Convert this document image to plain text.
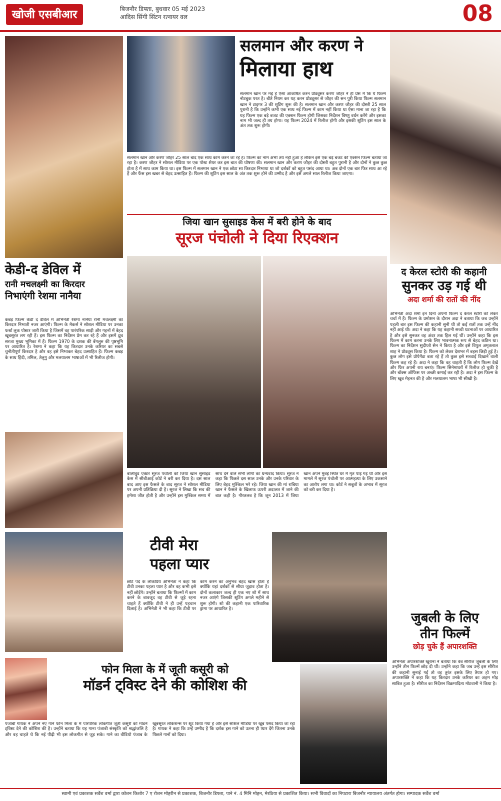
खोजी एसबीआर	बिजनौर डिफ्ता, बुधवार 05 मई 2023
आदिस सिंगी सिंटन रत्नायर वल	08
सलमान और करण ने
मिलाया हाथ
सलमान खान पर मई हैं ऐसा आकर्षित करन प्रोड्यूसर करण जौहर ने ही प्रेस में कि ये फिल्म नोटबुक परत है। बीते नियम कर यह करन प्रोड्यूसर से जौहर की सन पुरी किया फिल्म सलमान खान ने टाइगर 3 की शूटिंग शुरू की है। सलमान खान और करण जौहर की दोस्ती 25 साल पुरानी है कि उन्होंने कभी एक साथ नई फिल्म में काम नहीं किया था ऐसा माना जा रहा है कि यह फिल्म एक बड़े बजट की एक्शन फिल्म होगी जिसका निर्देशन विष्णु वर्धन करेंगे और इसका नाम भी जल्द ही तय होगा। यह फिल्म 2024 में रिलीज होगी और इसकी शूटिंग इस साल के अंत तक शुरू होगी।
सलमान खान और करण जौहर 25 साल बाद एक साथ काम करने जा रहे हैं। फिल्म का नाम अभी तय नहीं हुआ है लेकिन इसे एक बड़े बजट की एक्शन फिल्म बताया जा रहा है। करण जौहर ने सोशल मीडिया पर एक पोस्ट शेयर कर इस बात की घोषणा की। सलमान खान और करण जौहर की दोस्ती बहुत पुरानी है और दोनों ने कुछ कुछ होता है में साथ काम किया था। इस फिल्म में सलमान खान ने एक छोटा सा किरदार निभाया था जो दर्शकों को बहुत पसंद आया था। अब दोनों एक बार फिर साथ आ रहे हैं और फैंस इस खबर से बेहद उत्साहित हैं। फिल्म की शूटिंग इस साल के अंत तक शुरू होने की उम्मीद है और इसे अगले साल रिलीज किया जाएगा।
जिया खान सुसाइड केस में बरी होने के बाद
सूरज पंचोली ने दिया रिएक्शन
केडी-द डेविल में
रानी मचलक्ष्मी का किरदार
निभाएंगी रेशमा नानैया
कन्नड़ फिल्म केडी द डेविल में अभिनेत्री रेशमा नानैया रानी मचलक्ष्मी का किरदार निभाती नजर आएंगी। फिल्म के मेकर्स ने सोशल मीडिया पर उनका फर्स्ट लुक पोस्टर जारी किया है जिसमें वह पारंपरिक साड़ी और गहनों में बेहद खूबसूरत लग रही हैं। इस फिल्म का निर्देशन प्रेम कर रहे हैं और इसमें ध्रुव सरजा मुख्य भूमिका में हैं। फिल्म 1970 के दशक की बेंगलुरु की पृष्ठभूमि पर आधारित है। रेशमा ने कहा कि यह किरदार उनके करियर का सबसे चुनौतीपूर्ण किरदार है और वह इसे निभाकर बेहद उत्साहित हैं। फिल्म कन्नड़ के साथ हिंदी, तमिल, तेलुगु और मलयालम भाषाओं में भी रिलीज होगी।
बॉलीवुड एक्टर सूरज पंचोली को जिया खान सुसाइड केस में सीबीआई कोर्ट ने बरी कर दिया है। दस साल बाद आए इस फैसले के बाद सूरज ने सोशल मीडिया पर अपनी प्रतिक्रिया दी है। सूरज ने लिखा कि सच की हमेशा जीत होती है और उन्होंने इस मुश्किल समय में साथ देने वाले सभी लोगों का धन्यवाद किया। सूरज ने कहा कि पिछले दस साल उनके और उनके परिवार के लिए बेहद मुश्किल भरे रहे। जिया खान की मां राबिया खान ने फैसले के खिलाफ ऊपरी अदालत में जाने की बात कही है। गौरतलब है कि जून 2013 में जिया खान अपने मुंबई स्थित घर में मृत पाई गई थीं और इस मामले में सूरज पंचोली पर आत्महत्या के लिए उकसाने का आरोप लगा था। कोर्ट ने सबूतों के अभाव में सूरज को बरी कर दिया है।
द केरल स्टोरी की कहानी
सुनकर उड़ गई थी
अदा शर्मा की रातों की नींद
अभिनेत्री अदा शर्मा इन दिनों अपनी फिल्म द केरल स्टोरी को लेकर चर्चा में हैं। फिल्म के प्रमोशन के दौरान अदा ने बताया कि जब उन्होंने पहली बार इस फिल्म की कहानी सुनी थी तो कई रातों तक उन्हें नींद नहीं आई थी। अदा ने कहा कि यह कहानी सच्ची घटनाओं पर आधारित है और इसे सुनकर वह अंदर तक हिल गई थीं। उन्होंने कहा कि इस फिल्म में काम करना उनके लिए भावनात्मक रूप से बेहद कठिन था। फिल्म का निर्देशन सुदीप्तो सेन ने किया है और इसे विपुल अमृतलाल शाह ने प्रोड्यूस किया है। फिल्म को लेकर देशभर में बहस छिड़ी हुई है। कुछ लोग इसे प्रोपेगेंडा बता रहे हैं तो कुछ इसे सच्चाई दिखाने वाली फिल्म कह रहे हैं। अदा ने कहा कि वह चाहती हैं कि लोग फिल्म देखें और फिर अपनी राय बनाएं। फिल्म सिनेमाघरों में रिलीज हो चुकी है और बॉक्स ऑफिस पर अच्छी कमाई कर रही है। अदा ने इस फिल्म के लिए खूब मेहनत की है और मलयालम भाषा भी सीखी है।
टीवी मेरा
पहला प्यार
छोटे पर्दे के लोकप्रिय अभिनेता ने कहा कि टीवी उनका पहला प्यार है और वह कभी इसे नहीं छोड़ेंगे। उन्होंने बताया कि फिल्मों में काम करने के बावजूद वह टीवी से जुड़े रहना चाहते हैं क्योंकि टीवी ने ही उन्हें पहचान दिलाई है। अभिनेत्री ने भी कहा कि टीवी पर काम करने का अनुभव बेहद खास होता है क्योंकि यहां दर्शकों से सीधा जुड़ाव होता है। दोनों कलाकार जल्द ही एक नए शो में साथ नजर आएंगे जिसकी शूटिंग अगले महीने से शुरू होगी। शो की कहानी एक पारिवारिक ड्रामा पर आधारित है।
जुबली के लिए
तीन फिल्में
छोड़ चुके हैं अपारशक्ति
अभिनेता अपारशक्ति खुराना ने बताया कि वेब सीरीज जुबली के लिए उन्होंने तीन फिल्में छोड़ दी थीं। उन्होंने कहा कि जब उन्हें इस सीरीज की कहानी सुनाई गई तो वह तुरंत इसके लिए तैयार हो गए। अपारशक्ति ने कहा कि यह किरदार उनके करियर का अहम मोड़ साबित हुआ है। सीरीज का निर्देशन विक्रमादित्य मोटवानी ने किया है।
फोन मिला के में जूती कसूरी को
मॉडर्न ट्विस्ट देने की कोशिश की
पंजाबी गायक ने अपने नए गाने फोन मिला के में पारंपरिक लोकगीत जूती कसूरी को मॉडर्न ट्विस्ट देने की कोशिश की है। उन्होंने बताया कि यह गाना पंजाबी संस्कृति को श्रद्धांजलि है और वह चाहते थे कि नई पीढ़ी भी इस लोकगीत से जुड़ सके। गाने का वीडियो पंजाब के खूबसूरत लोकेशन्स पर शूट किया गया है और इसे सोशल मीडिया पर खूब पसंद किया जा रहा है। गायक ने कहा कि उन्हें उम्मीद है कि दर्शक इस गाने को उतना ही प्यार देंगे जितना उनके पिछले गानों को दिया।
स्वामी एवं प्रकाशक सर्वेश वर्मा द्वारा कोशन किशोर 7 ए रोशन मोहरीन से प्रकाशक, बिजनौर डिफ्ता, पाने नं. 4 मिनि मोहन, मेरठिया से प्रकाशित किया। सभी विवादों का निपटारा बिजनौर न्यायालय अंतर्गत होगा। सम्पादक सर्वेश वर्मा
